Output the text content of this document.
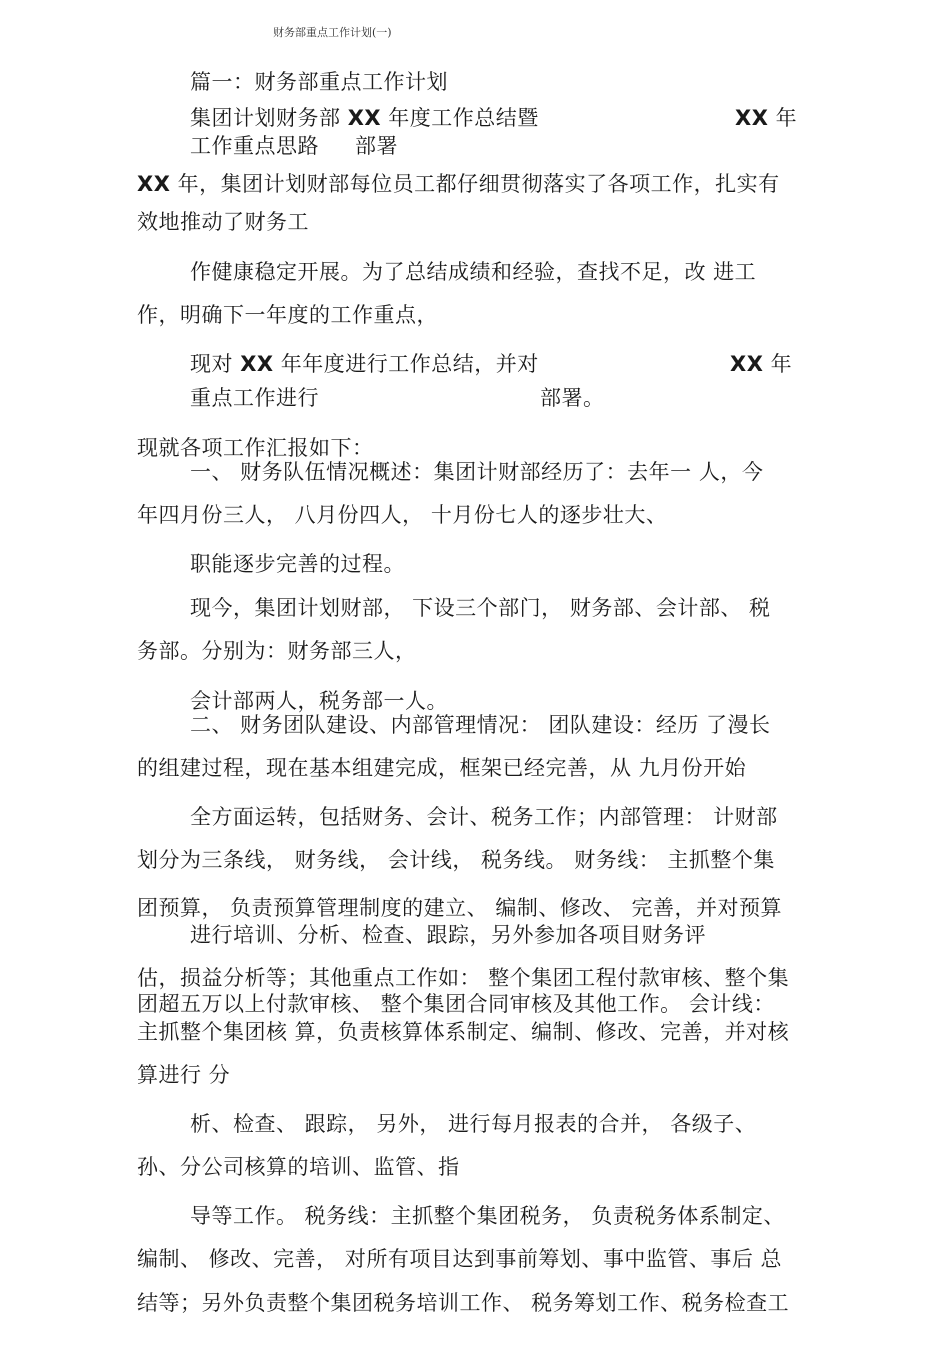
财务部重点工作计划(一)
篇一：财务部重点工作计划
集团计划财务部 XX 年度工作总结暨	XX 年
工作重点思路 部署
XX 年，集团计划财部每位员工都仔细贯彻落实了各项工作，扎实有
效地推动了财务工
作健康稳定开展。为了总结成绩和经验，查找不足，改 进工
作，明确下一年度的工作重点，
现对 XX 年年度进行工作总结，并对	XX 年
重点工作进行	部署。
现就各项工作汇报如下：
一、 财务队伍情况概述：集团计财部经历了：去年一 人，今
年四月份三人， 八月份四人， 十月份七人的逐步壮大、
职能逐步完善的过程。
现今，集团计划财部， 下设三个部门， 财务部、会计部、 税
务部。分别为：财务部三人，
会计部两人，税务部一人。
二、 财务团队建设、内部管理情况： 团队建设：经历 了漫长
的组建过程，现在基本组建完成，框架已经完善，从 九月份开始
全方面运转，包括财务、会计、税务工作；内部管理： 计财部
划分为三条线， 财务线， 会计线， 税务线。 财务线： 主抓整个集
团预算， 负责预算管理制度的建立、 编制、修改、 完善，并对预算
进行培训、分析、检查、跟踪，另外参加各项目财务评
估，损益分析等；其他重点工作如： 整个集团工程付款审核、整个集
团超五万以上付款审核、 整个集团合同审核及其他工作。 会计线：
主抓整个集团核 算，负责核算体系制定、编制、修改、完善，并对核
算进行 分
析、检查、 跟踪， 另外， 进行每月报表的合并， 各级子、
孙、分公司核算的培训、监管、指
导等工作。 税务线：主抓整个集团税务， 负责税务体系制定、
编制、 修改、完善， 对所有项目达到事前筹划、事中监管、事后 总
结等；另外负责整个集团税务培训工作、 税务筹划工作、税务检查工
